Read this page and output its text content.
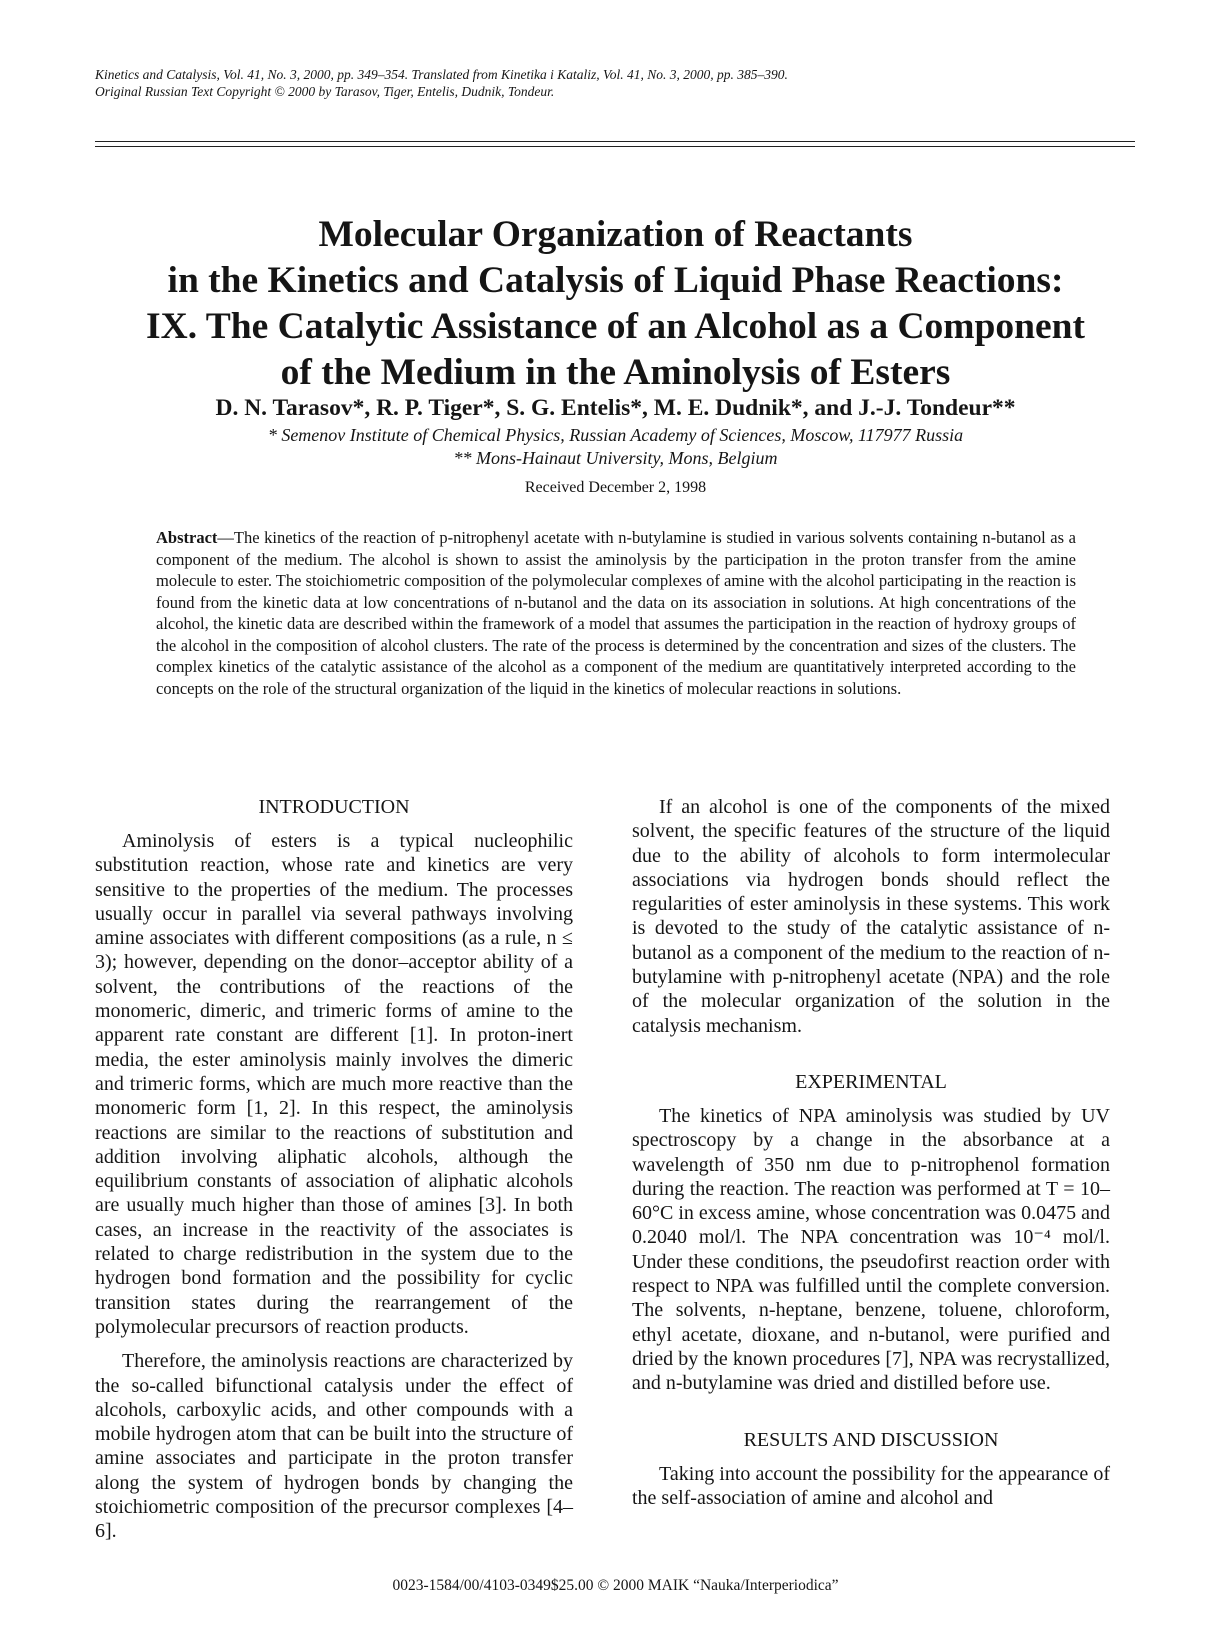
Kinetics and Catalysis, Vol. 41, No. 3, 2000, pp. 349–354. Translated from Kinetika i Kataliz, Vol. 41, No. 3, 2000, pp. 385–390.
Original Russian Text Copyright © 2000 by Tarasov, Tiger, Entelis, Dudnik, Tondeur.
Molecular Organization of Reactants
in the Kinetics and Catalysis of Liquid Phase Reactions:
IX. The Catalytic Assistance of an Alcohol as a Component
of the Medium in the Aminolysis of Esters
D. N. Tarasov*, R. P. Tiger*, S. G. Entelis*, M. E. Dudnik*, and J.-J. Tondeur**
* Semenov Institute of Chemical Physics, Russian Academy of Sciences, Moscow, 117977 Russia
** Mons-Hainaut University, Mons, Belgium
Received December 2, 1998
Abstract—The kinetics of the reaction of p-nitrophenyl acetate with n-butylamine is studied in various solvents containing n-butanol as a component of the medium. The alcohol is shown to assist the aminolysis by the participation in the proton transfer from the amine molecule to ester. The stoichiometric composition of the polymolecular complexes of amine with the alcohol participating in the reaction is found from the kinetic data at low concentrations of n-butanol and the data on its association in solutions. At high concentrations of the alcohol, the kinetic data are described within the framework of a model that assumes the participation in the reaction of hydroxy groups of the alcohol in the composition of alcohol clusters. The rate of the process is determined by the concentration and sizes of the clusters. The complex kinetics of the catalytic assistance of the alcohol as a component of the medium are quantitatively interpreted according to the concepts on the role of the structural organization of the liquid in the kinetics of molecular reactions in solutions.
INTRODUCTION

Aminolysis of esters is a typical nucleophilic substitution reaction, whose rate and kinetics are very sensitive to the properties of the medium. The processes usually occur in parallel via several pathways involving amine associates with different compositions (as a rule, n ≤ 3); however, depending on the donor–acceptor ability of a solvent, the contributions of the reactions of the monomeric, dimeric, and trimeric forms of amine to the apparent rate constant are different [1]. In proton-inert media, the ester aminolysis mainly involves the dimeric and trimeric forms, which are much more reactive than the monomeric form [1, 2]. In this respect, the aminolysis reactions are similar to the reactions of substitution and addition involving aliphatic alcohols, although the equilibrium constants of association of aliphatic alcohols are usually much higher than those of amines [3]. In both cases, an increase in the reactivity of the associates is related to charge redistribution in the system due to the hydrogen bond formation and the possibility for cyclic transition states during the rearrangement of the polymolecular precursors of reaction products.

Therefore, the aminolysis reactions are characterized by the so-called bifunctional catalysis under the effect of alcohols, carboxylic acids, and other compounds with a mobile hydrogen atom that can be built into the structure of amine associates and participate in the proton transfer along the system of hydrogen bonds by changing the stoichiometric composition of the precursor complexes [4–6].

If an alcohol is one of the components of the mixed solvent, the specific features of the structure of the liquid due to the ability of alcohols to form intermolecular associations via hydrogen bonds should reflect the regularities of ester aminolysis in these systems. This work is devoted to the study of the catalytic assistance of n-butanol as a component of the medium to the reaction of n-butylamine with p-nitrophenyl acetate (NPA) and the role of the molecular organization of the solution in the catalysis mechanism.

EXPERIMENTAL

The kinetics of NPA aminolysis was studied by UV spectroscopy by a change in the absorbance at a wavelength of 350 nm due to p-nitrophenol formation during the reaction. The reaction was performed at T = 10–60°C in excess amine, whose concentration was 0.0475 and 0.2040 mol/l. The NPA concentration was 10⁻⁴ mol/l. Under these conditions, the pseudofirst reaction order with respect to NPA was fulfilled until the complete conversion. The solvents, n-heptane, benzene, toluene, chloroform, ethyl acetate, dioxane, and n-butanol, were purified and dried by the known procedures [7], NPA was recrystallized, and n-butylamine was dried and distilled before use.

RESULTS AND DISCUSSION

Taking into account the possibility for the appearance of the self-association of amine and alcohol and

0023-1584/00/4103-0349$25.00 © 2000 MAIK “Nauka/Interperiodica”
